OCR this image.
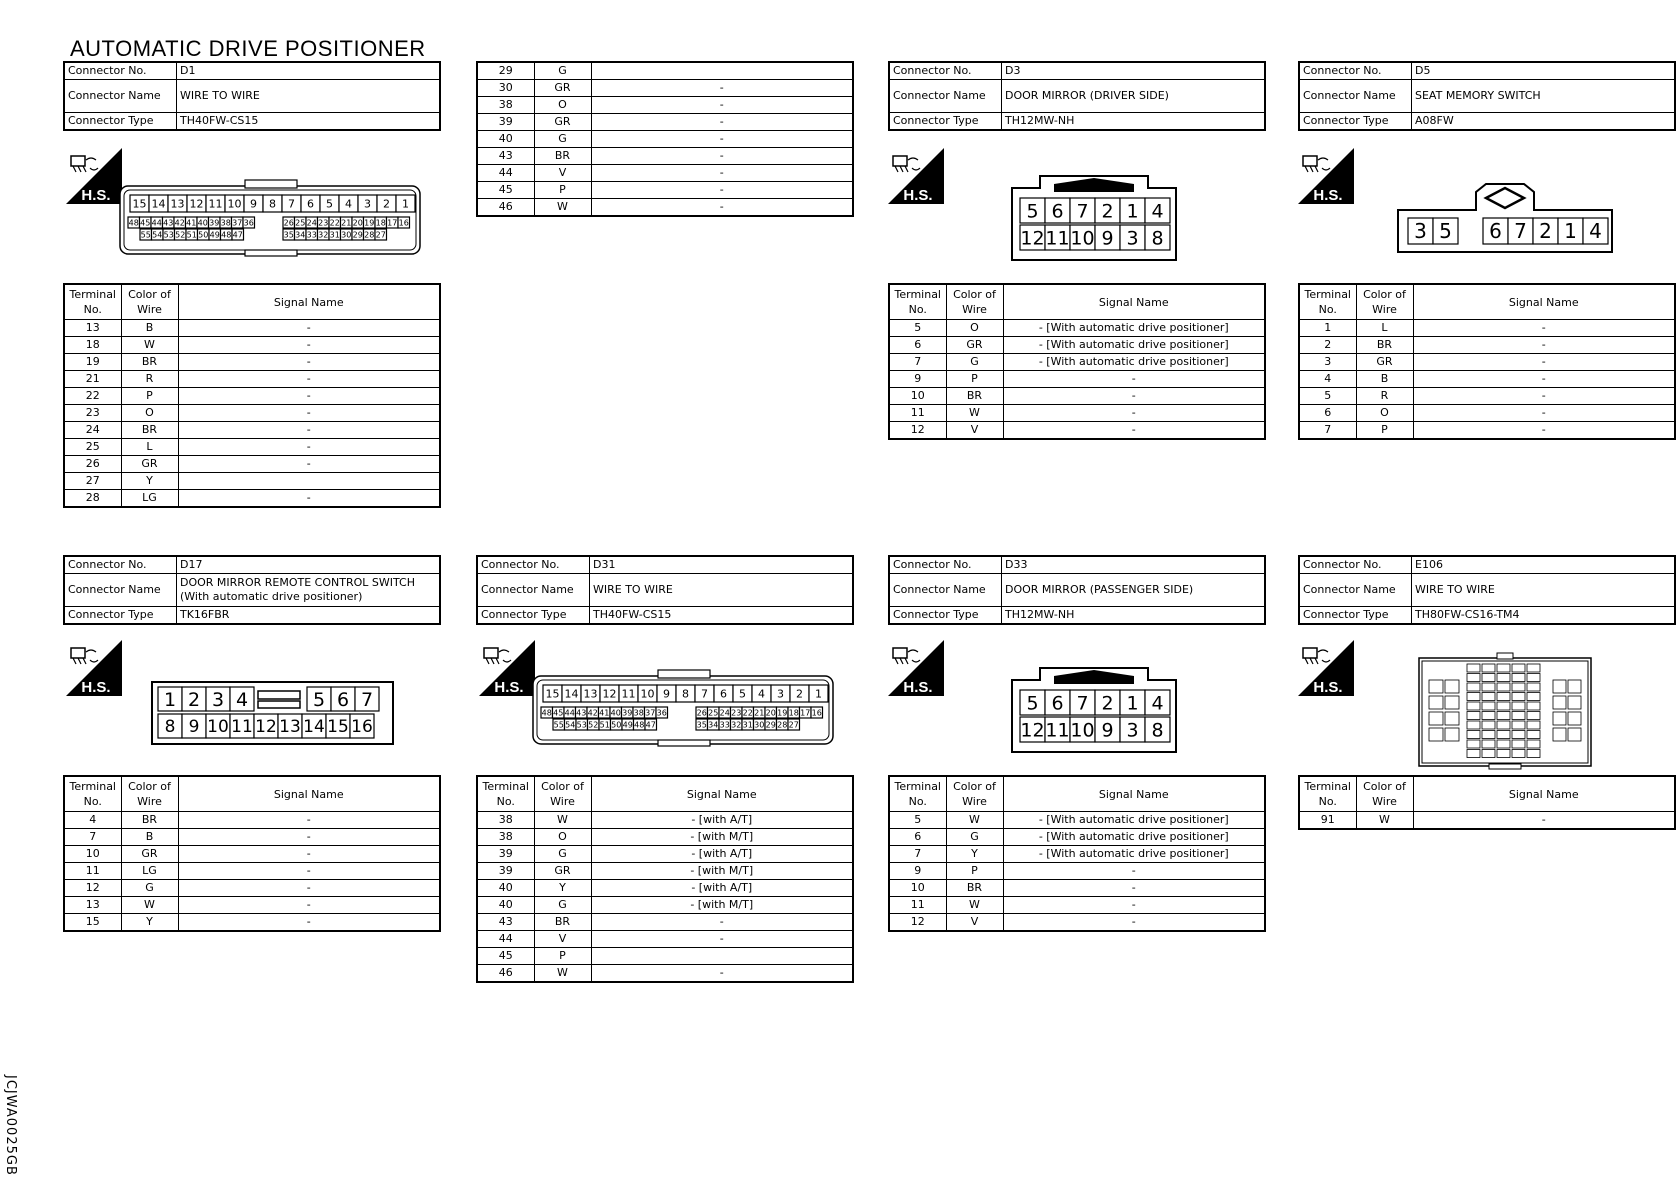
AUTOMATIC DRIVE POSITIONER
JCJWA0025GB
Connector No.	D1
Connector Name	WIRE TO WIRE
Connector Type	TH40FW-CS15
Terminal No.	Color of Wire	Signal Name
13	B	-
18	W	-
19	BR	-
21	R	-
22	P	-
23	O	-
24	BR	-
25	L	-
26	GR	-
27	Y	
28	LG	-
29	G	
30	GR	-
38	O	-
39	GR	-
40	G	-
43	BR	-
44	V	-
45	P	-
46	W	-
Connector No.	D3
Connector Name	DOOR MIRROR (DRIVER SIDE)
Connector Type	TH12MW-NH
Terminal No.	Color of Wire	Signal Name
5	O	- [With automatic drive positioner]
6	GR	- [With automatic drive positioner]
7	G	- [With automatic drive positioner]
9	P	-
10	BR	-
11	W	-
12	V	-
Connector No.	D5
Connector Name	SEAT MEMORY SWITCH
Connector Type	A08FW
Terminal No.	Color of Wire	Signal Name
1	L	-
2	BR	-
3	GR	-
4	B	-
5	R	-
6	O	-
7	P	-
Connector No.	D17
Connector Name	DOOR MIRROR REMOTE CONTROL SWITCH (With automatic drive positioner)
Connector Type	TK16FBR
Terminal No.	Color of Wire	Signal Name
4	BR	-
7	B	-
10	GR	-
11	LG	-
12	G	-
13	W	-
15	Y	-
Connector No.	D31
Connector Name	WIRE TO WIRE
Connector Type	TH40FW-CS15
Terminal No.	Color of Wire	Signal Name
38	W	- [with A/T]
38	O	- [with M/T]
39	G	- [with A/T]
39	GR	- [with M/T]
40	Y	- [with A/T]
40	G	- [with M/T]
43	BR	-
44	V	-
45	P	
46	W	-
Connector No.	D33
Connector Name	DOOR MIRROR (PASSENGER SIDE)
Connector Type	TH12MW-NH
Terminal No.	Color of Wire	Signal Name
5	W	- [With automatic drive positioner]
6	G	- [With automatic drive positioner]
7	Y	- [With automatic drive positioner]
9	P	-
10	BR	-
11	W	-
12	V	-
Connector No.	E106
Connector Name	WIRE TO WIRE
Connector Type	TH80FW-CS16-TM4
Terminal No.	Color of Wire	Signal Name
91	W	-
15 14 13 12 11 10 9 8 7 6 5 4 3 2 1
48 45 44 43 42 41 40 39 38 37 36	26 25 24 23 22 21 20 19 18 17 16
55 54 53 52 51 50 49 48 47	35 34 33 32 31 30 29 28 27
15 14 13 12 11 10 9 8 7 6 5 4 3 2 1
48 45 44 43 42 41 40 39 38 37 36	26 25 24 23 22 21 20 19 18 17 16
55 54 53 52 51 50 49 48 47	35 34 33 32 31 30 29 28 27
5 6 7 2 1 4
12 11 10 9 3 8
5 6 7 2 1 4
12 11 10 9 3 8
3 5 6 7 2 1 4
1 2 3 4	5 6 7
8 9 10 11 12 13 14 15 16
